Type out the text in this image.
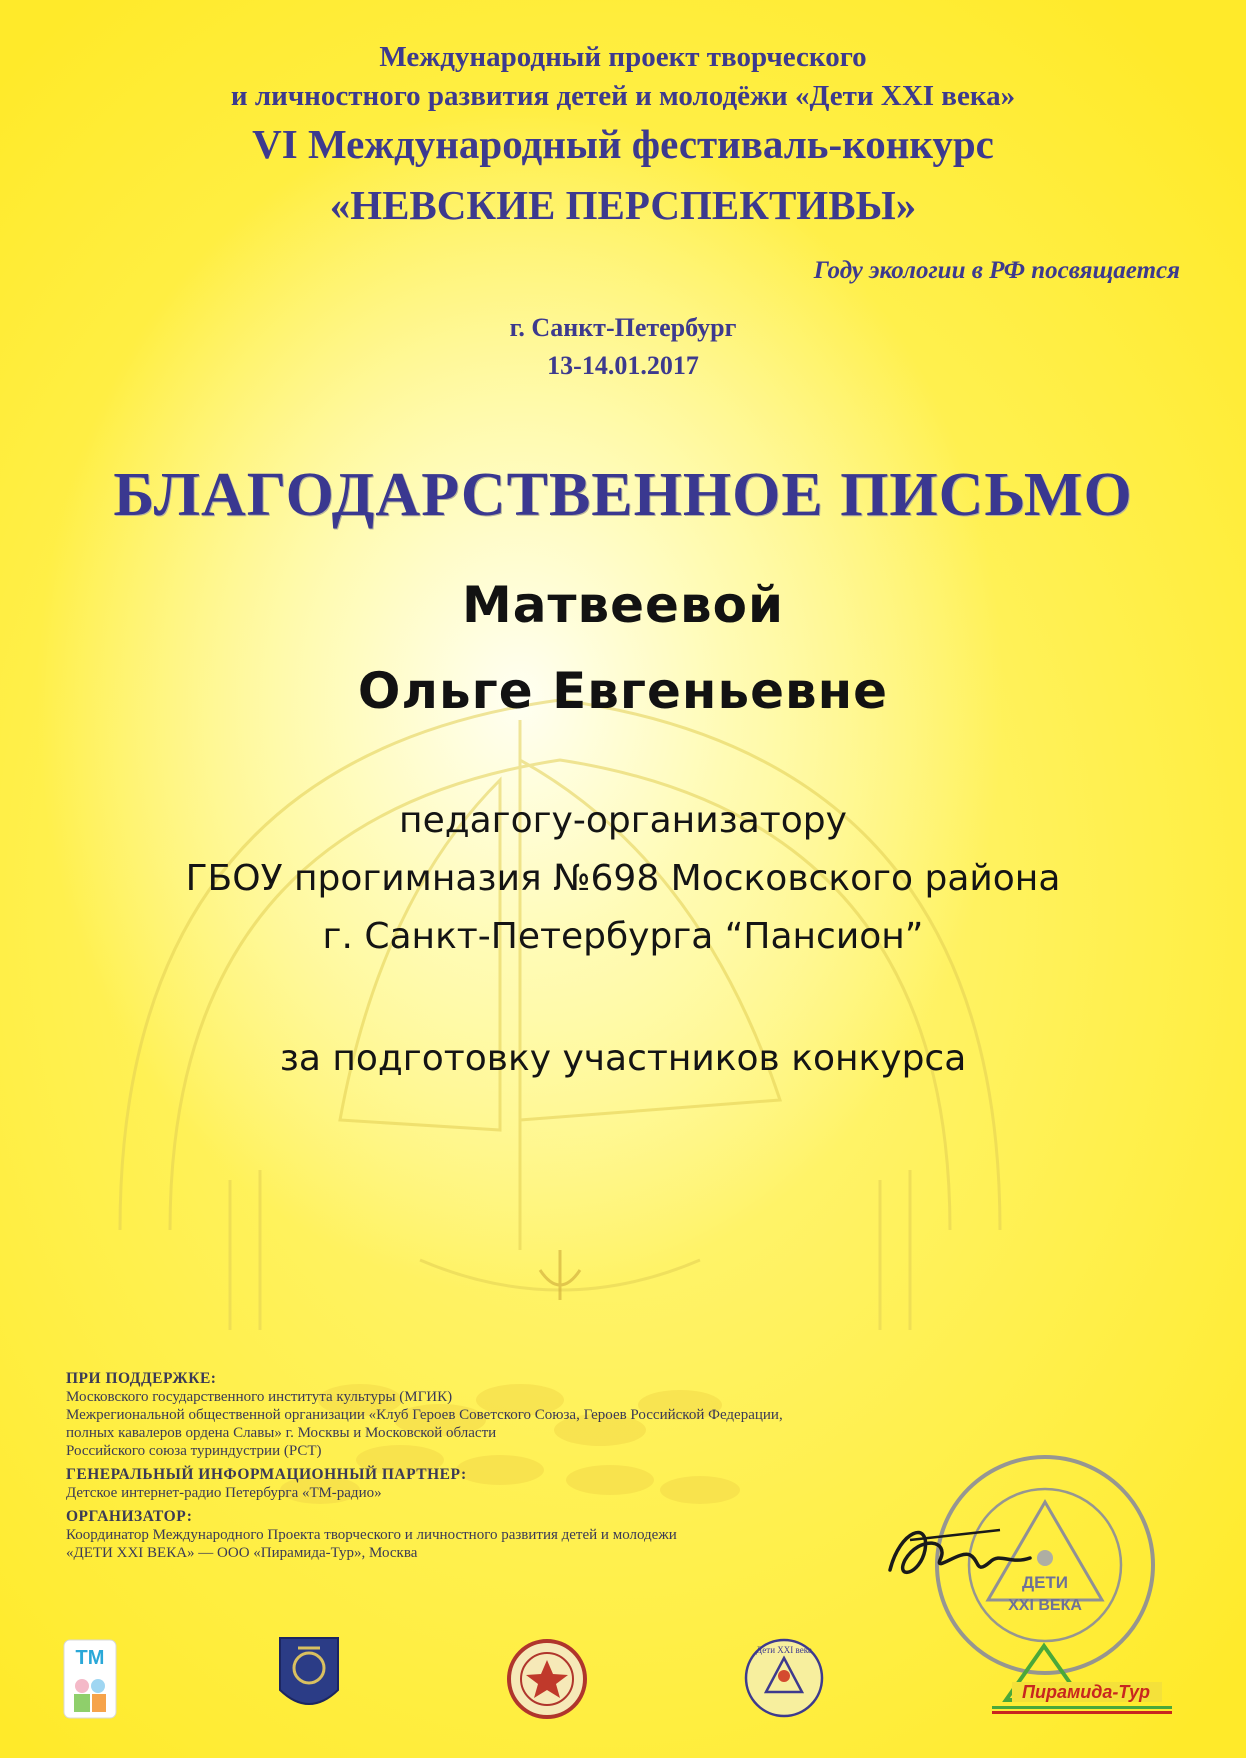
Международный проект творческого
и личностного развития детей и молодёжи «Дети XXI века»
VI Международный фестиваль-конкурс
«НЕВСКИЕ ПЕРСПЕКТИВЫ»
Году экологии в РФ посвящается
г. Санкт-Петербург
13-14.01.2017
БЛАГОДАРСТВЕННОЕ ПИСЬМО
Матвеевой
Ольге Евгеньевне
педагогу-организатору
ГБОУ прогимназия №698 Московского района
г. Санкт-Петербурга “Пансион”
за подготовку участников конкурса
ПРИ ПОДДЕРЖКЕ:
Московского государственного института культуры (МГИК)
Межрегиональной общественной организации «Клуб Героев Советского Союза, Героев Российской Федерации,
полных кавалеров ордена Славы» г. Москвы и Московской области
Российского союза туриндустрии (РСТ)
ГЕНЕРАЛЬНЫЙ ИНФОРМАЦИОННЫЙ ПАРТНЕР:
Детское интернет-радио Петербурга «ТМ-радио»
ОРГАНИЗАТОР:
Координатор Международного Проекта творческого и личностного развития детей и молодежи
«ДЕТИ XXI ВЕКА» — ООО «Пирамида-Тур», Москва
ДЕТИ
XXI ВЕКА
ТМ	Дети XXI века
Пирамида-Тур
